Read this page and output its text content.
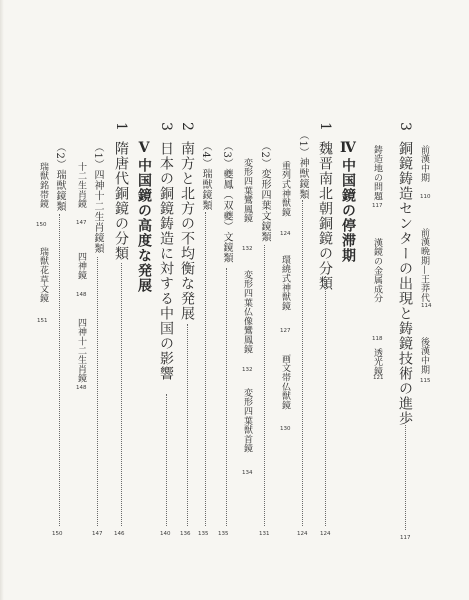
3
銅鏡鋳造センターの出現と鋳鏡技術の進歩
117
前漢中期
110
前漢晩期—王莽代
114
後漢中期
115
鋳造地の問題
117
漢鏡の金属成分
118
透光鏡
121
Ⅳ
中国鏡の停滞期
1
魏晋南北朝銅鏡の分類
124
（1）神獣鏡類
124
重列式神獣鏡
124
環繞式神獣鏡
127
画文帯仏獣鏡
130
（2）変形四葉文鏡類
131
変形四葉鸞鳳鏡
132
変形四葉仏像鸞鳳鏡
132
変形四葉獣首鏡
134
（3）夔鳳（双夔）文鏡類
135
（4）瑞獣鏡類
135
2
南方と北方の不均衡な発展
136
3
日本の銅鏡鋳造に対する中国の影響
140
Ⅴ
中国鏡の高度な発展
1
隋唐代銅鏡の分類
146
（1）四神十二生肖鏡類
147
十二生肖鏡
147
四神鏡
148
四神十二生肖鏡
148
（2）瑞獣鏡類
150
瑞獣銘帯鏡
150
瑞獣花草文鏡
151
